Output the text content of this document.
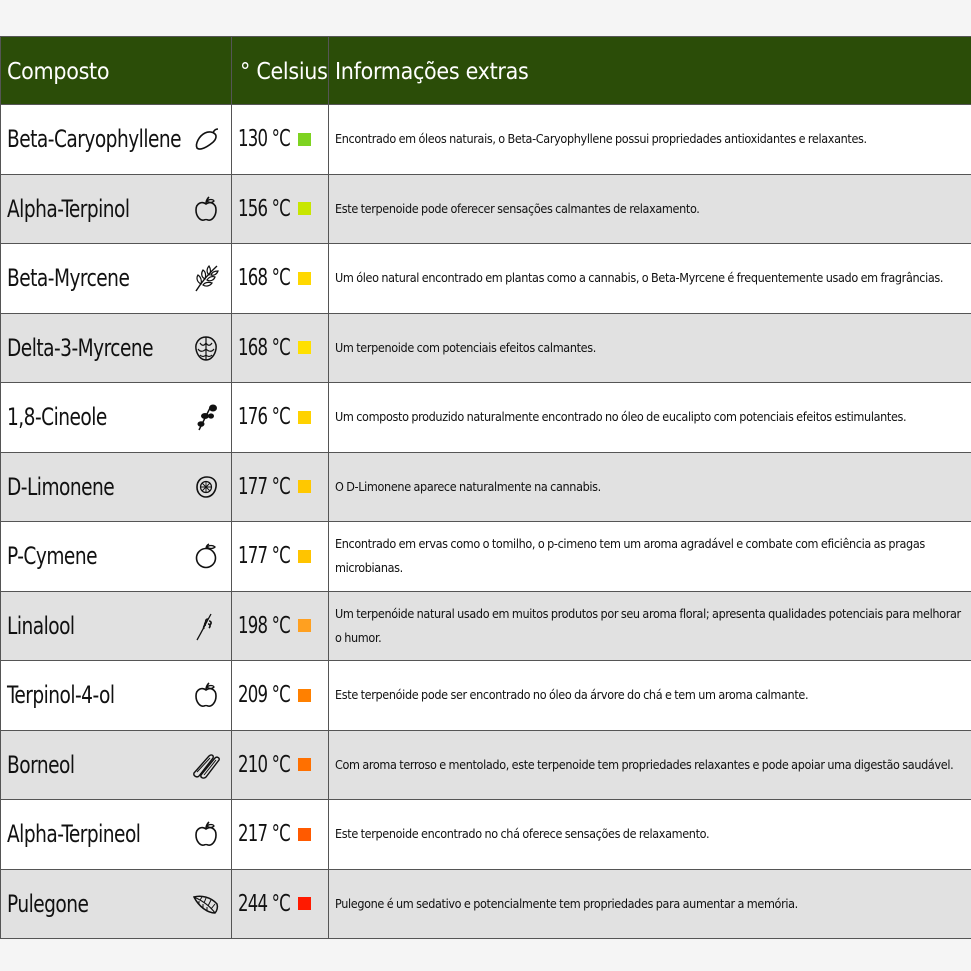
Composto	° Celsius	Informações extras
Beta-Caryophyllene	130 °C	Encontrado em óleos naturais, o Beta-Caryophyllene possui propriedades antioxidantes e relaxantes.

Alpha-Terpinol	156 °C	Este terpenoide pode oferecer sensações calmantes de relaxamento.

Beta-Myrcene	168 °C	Um óleo natural encontrado em plantas como a cannabis, o Beta-Myrcene é frequentemente usado em fragrâncias.

Delta-3-Myrcene	168 °C	Um terpenoide com potenciais efeitos calmantes.

1,8-Cineole	176 °C	Um composto produzido naturalmente encontrado no óleo de eucalipto com potenciais efeitos estimulantes.

D-Limonene	177 °C	O D-Limonene aparece naturalmente na cannabis.

P-Cymene	177 °C	Encontrado em ervas como o tomilho, o p-cimeno tem um aroma agradável e combate com eficiência as pragas microbianas.

Linalool	198 °C	Um terpenóide natural usado em muitos produtos por seu aroma floral; apresenta qualidades potenciais para melhorar o humor.

Terpinol-4-ol	209 °C	Este terpenóide pode ser encontrado no óleo da árvore do chá e tem um aroma calmante.

Borneol	210 °C	Com aroma terroso e mentolado, este terpenoide tem propriedades relaxantes e pode apoiar uma digestão saudável.

Alpha-Terpineol	217 °C	Este terpenoide encontrado no chá oferece sensações de relaxamento.

Pulegone	244 °C	Pulegone é um sedativo e potencialmente tem propriedades para aumentar a memória.
